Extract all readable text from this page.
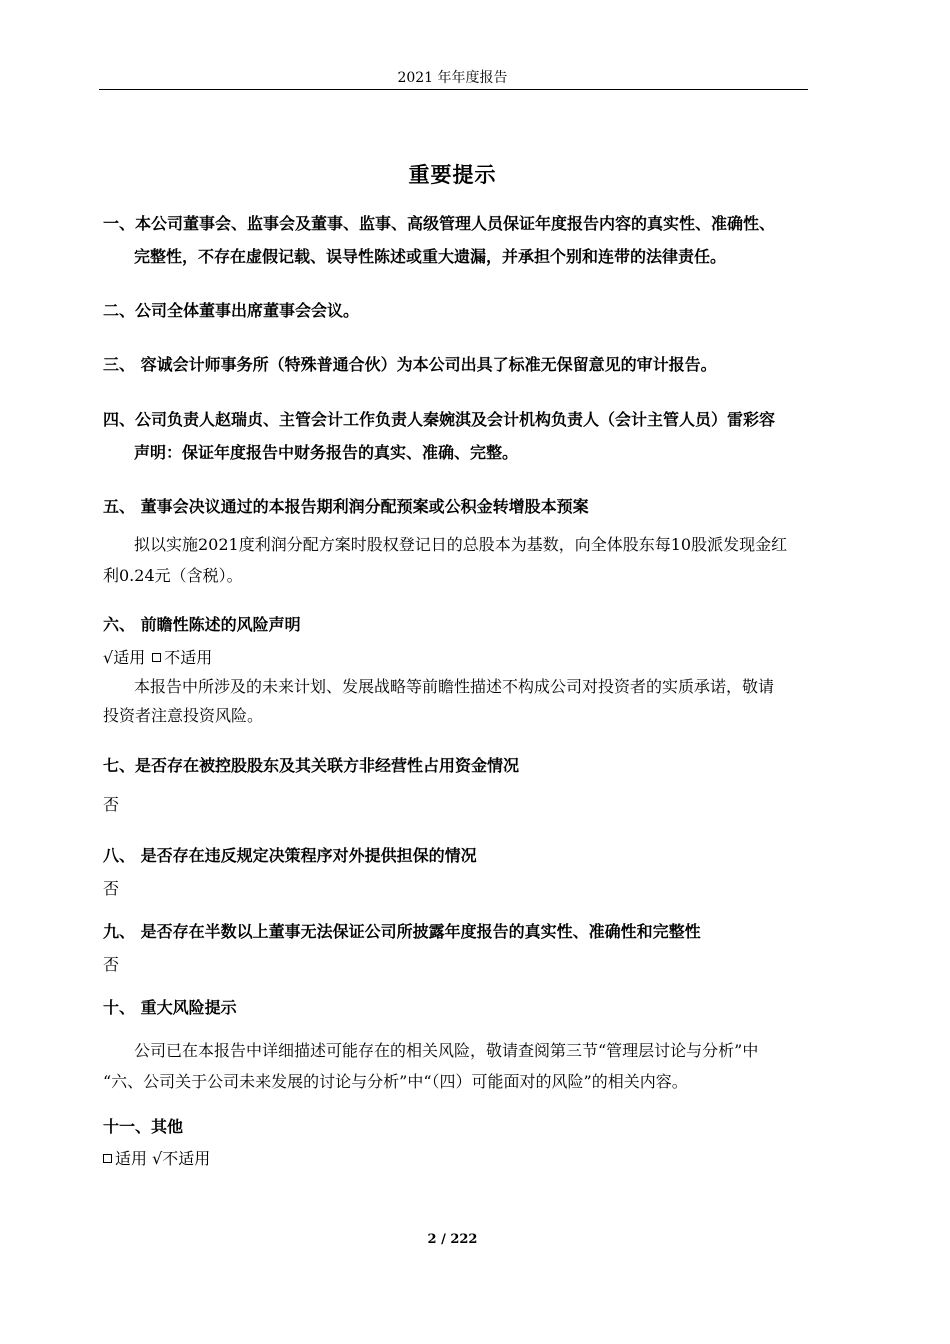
2021 年年度报告
重要提示
一、本公司董事会、监事会及董事、监事、高级管理人员保证年度报告内容的真实性、准确性、
完整性，不存在虚假记载、误导性陈述或重大遗漏，并承担个别和连带的法律责任。
二、公司全体董事出席董事会会议。
三、 容诚会计师事务所（特殊普通合伙）为本公司出具了标准无保留意见的审计报告。
四、公司负责人赵瑞贞、主管会计工作负责人秦婉淇及会计机构负责人（会计主管人员）雷彩容
声明：保证年度报告中财务报告的真实、准确、完整。
五、 董事会决议通过的本报告期利润分配预案或公积金转增股本预案
拟以实施2021度利润分配方案时股权登记日的总股本为基数，向全体股东每10股派发现金红
利0.24元（含税）。
六、 前瞻性陈述的风险声明
√适用 不适用
本报告中所涉及的未来计划、发展战略等前瞻性描述不构成公司对投资者的实质承诺，敬请
投资者注意投资风险。
七、是否存在被控股股东及其关联方非经营性占用资金情况
否
八、 是否存在违反规定决策程序对外提供担保的情况
否
九、 是否存在半数以上董事无法保证公司所披露年度报告的真实性、准确性和完整性
否
十、 重大风险提示
公司已在本报告中详细描述可能存在的相关风险，敬请查阅第三节“管理层讨论与分析”中
“六、公司关于公司未来发展的讨论与分析”中“（四）可能面对的风险”的相关内容。
十一、其他
适用 √不适用
2 / 222
